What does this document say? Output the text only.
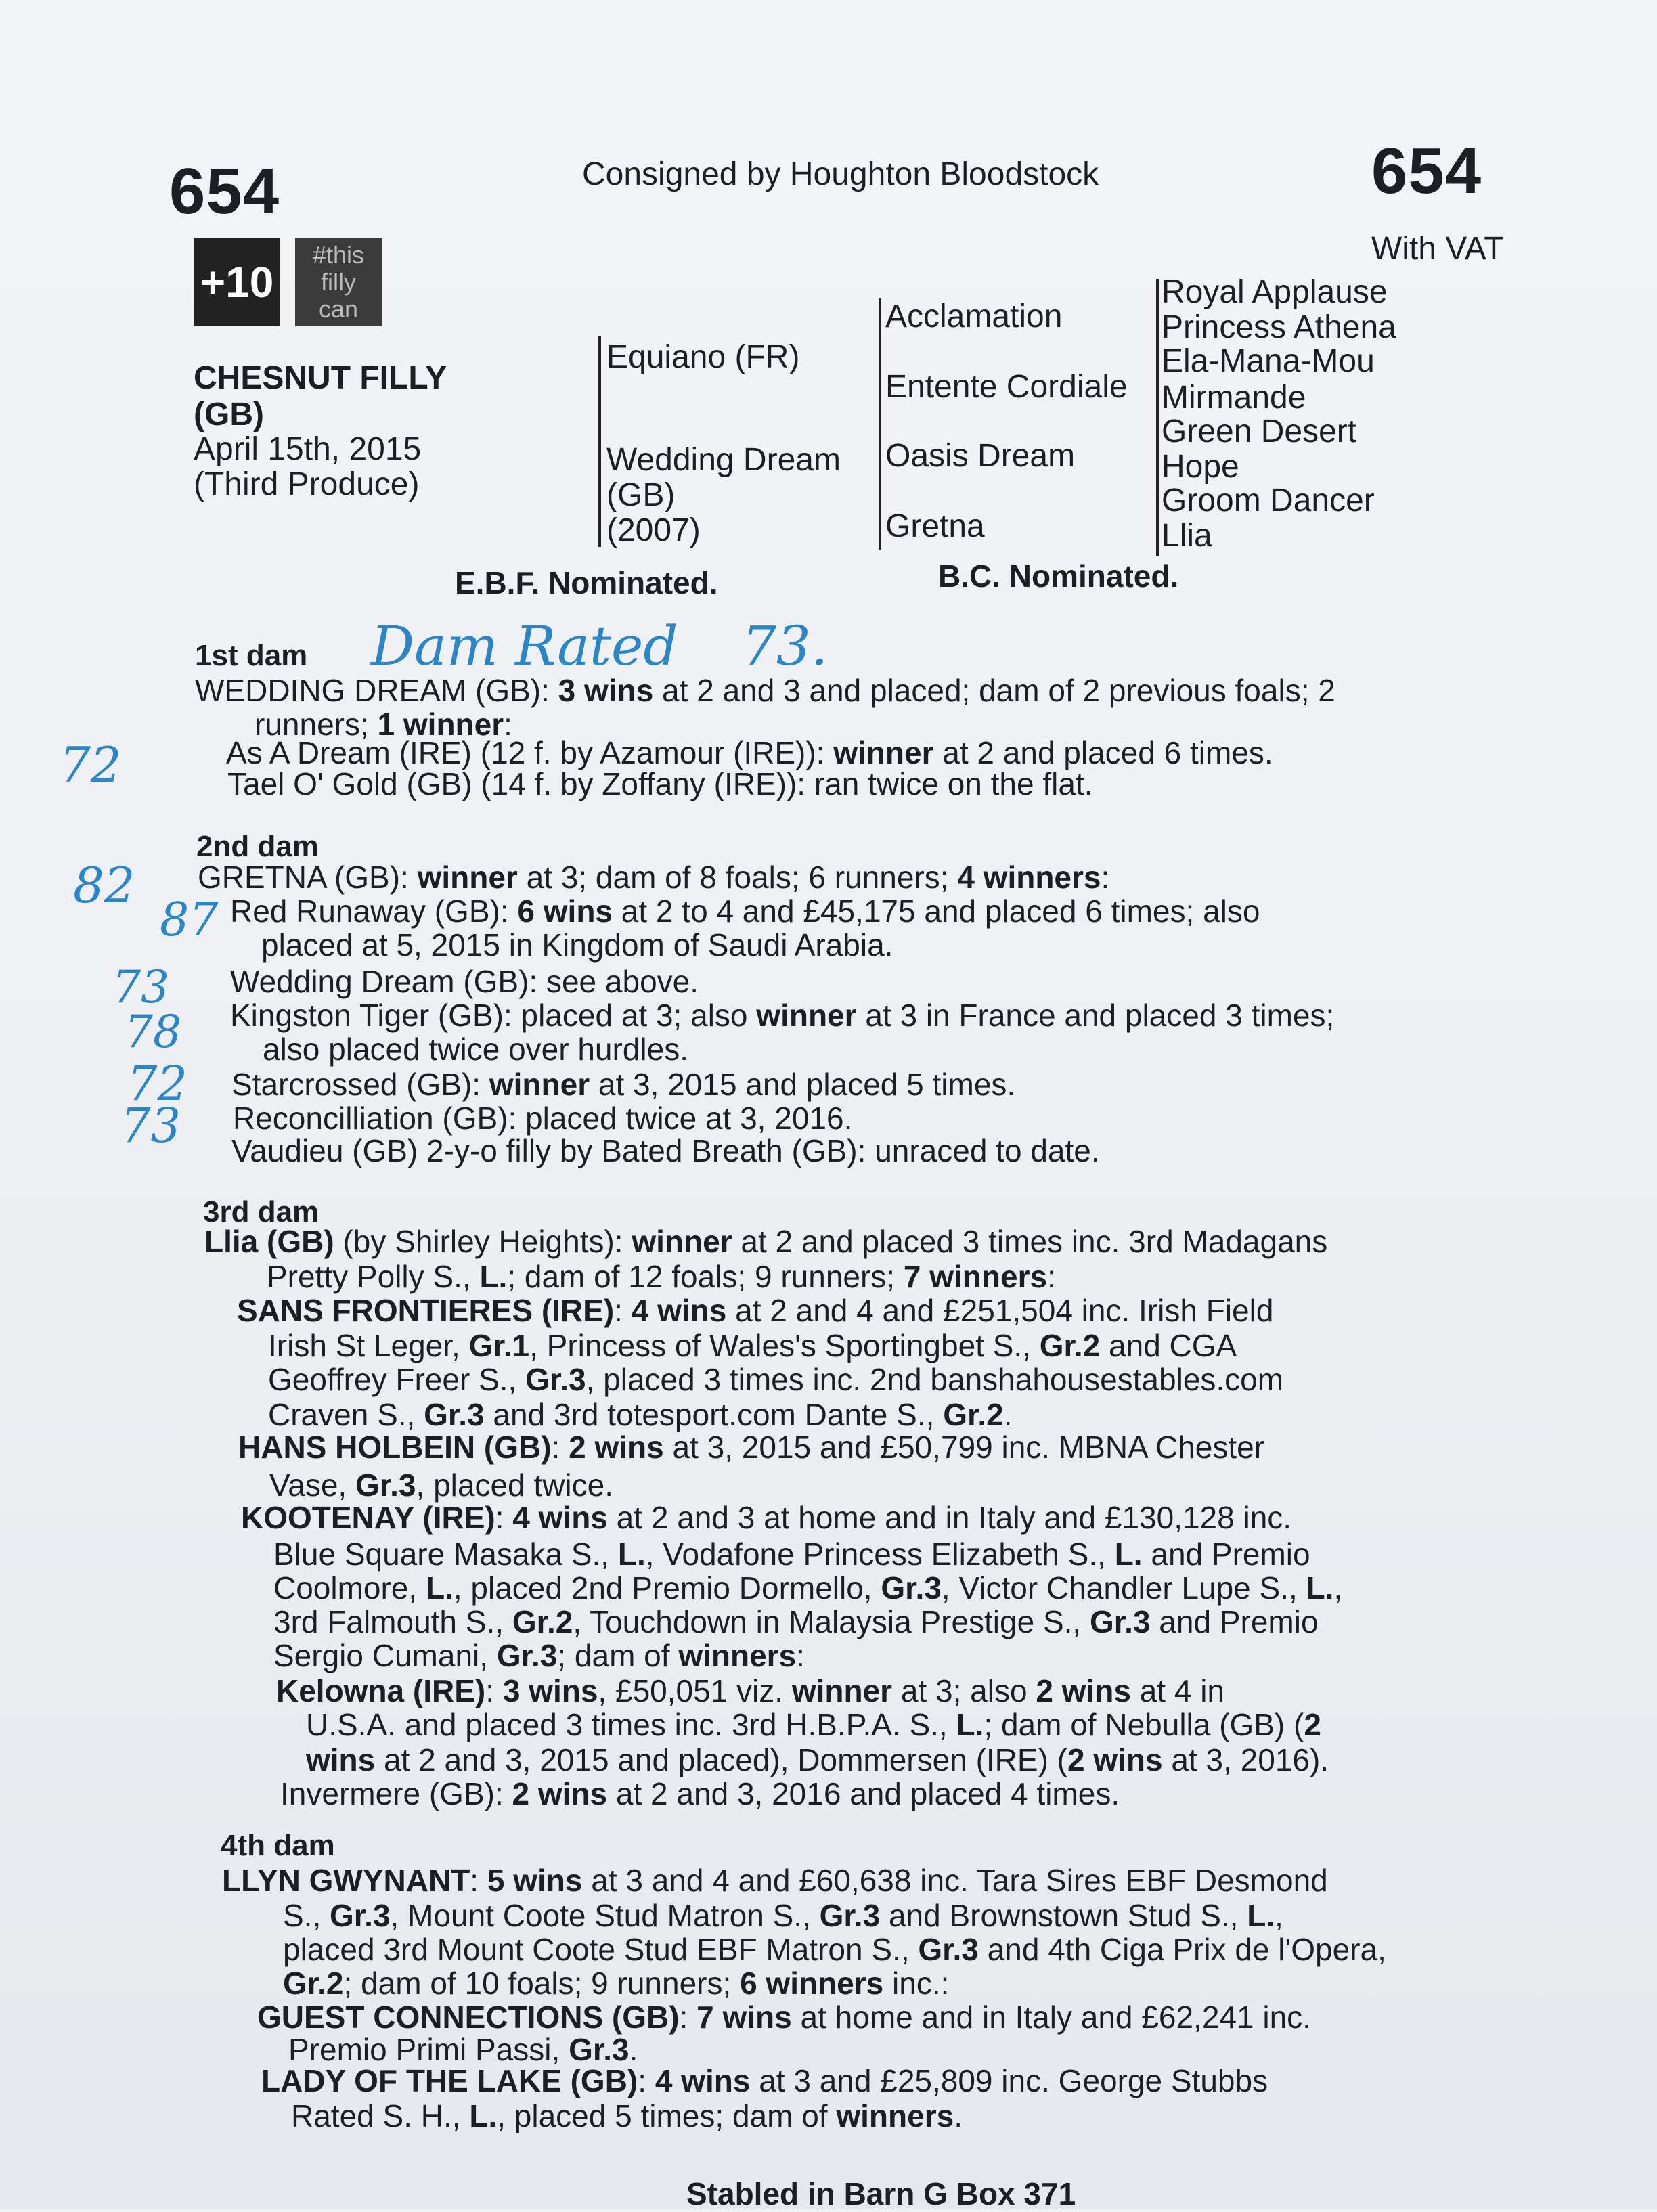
654	Consigned by Houghton Bloodstock	654
With VAT
+10
#this
filly
can
CHESNUT FILLY
(GB)
April 15th, 2015
(Third Produce)
Equiano (FR)
Wedding Dream
(GB)
(2007)
Acclamation
Entente Cordiale
Oasis Dream
Gretna
Royal Applause
Princess Athena
Ela-Mana-Mou
Mirmande
Green Desert
Hope
Groom Dancer
Llia
E.B.F. Nominated.	B.C. Nominated.
1st dam
WEDDING DREAM (GB): 3 wins at 2 and 3 and placed; dam of 2 previous foals; 2
runners; 1 winner:
As A Dream (IRE) (12 f. by Azamour (IRE)): winner at 2 and placed 6 times.
Tael O' Gold (GB) (14 f. by Zoffany (IRE)): ran twice on the flat.
2nd dam
GRETNA (GB): winner at 3; dam of 8 foals; 6 runners; 4 winners:
Red Runaway (GB): 6 wins at 2 to 4 and £45,175 and placed 6 times; also
placed at 5, 2015 in Kingdom of Saudi Arabia.
Wedding Dream (GB): see above.
Kingston Tiger (GB): placed at 3; also winner at 3 in France and placed 3 times;
also placed twice over hurdles.
Starcrossed (GB): winner at 3, 2015 and placed 5 times.
Reconcilliation (GB): placed twice at 3, 2016.
Vaudieu (GB) 2-y-o filly by Bated Breath (GB): unraced to date.
3rd dam
Llia (GB) (by Shirley Heights): winner at 2 and placed 3 times inc. 3rd Madagans
Pretty Polly S., L.; dam of 12 foals; 9 runners; 7 winners:
SANS FRONTIERES (IRE): 4 wins at 2 and 4 and £251,504 inc. Irish Field
Irish St Leger, Gr.1, Princess of Wales's Sportingbet S., Gr.2 and CGA
Geoffrey Freer S., Gr.3, placed 3 times inc. 2nd banshahousestables.com
Craven S., Gr.3 and 3rd totesport.com Dante S., Gr.2.
HANS HOLBEIN (GB): 2 wins at 3, 2015 and £50,799 inc. MBNA Chester
Vase, Gr.3, placed twice.
KOOTENAY (IRE): 4 wins at 2 and 3 at home and in Italy and £130,128 inc.
Blue Square Masaka S., L., Vodafone Princess Elizabeth S., L. and Premio
Coolmore, L., placed 2nd Premio Dormello, Gr.3, Victor Chandler Lupe S., L.,
3rd Falmouth S., Gr.2, Touchdown in Malaysia Prestige S., Gr.3 and Premio
Sergio Cumani, Gr.3; dam of winners:
Kelowna (IRE): 3 wins, £50,051 viz. winner at 3; also 2 wins at 4 in
U.S.A. and placed 3 times inc. 3rd H.B.P.A. S., L.; dam of Nebulla (GB) (2
wins at 2 and 3, 2015 and placed), Dommersen (IRE) (2 wins at 3, 2016).
Invermere (GB): 2 wins at 2 and 3, 2016 and placed 4 times.
4th dam
LLYN GWYNANT: 5 wins at 3 and 4 and £60,638 inc. Tara Sires EBF Desmond
S., Gr.3, Mount Coote Stud Matron S., Gr.3 and Brownstown Stud S., L.,
placed 3rd Mount Coote Stud EBF Matron S., Gr.3 and 4th Ciga Prix de l'Opera,
Gr.2; dam of 10 foals; 9 runners; 6 winners inc.:
GUEST CONNECTIONS (GB): 7 wins at home and in Italy and £62,241 inc.
Premio Primi Passi, Gr.3.
LADY OF THE LAKE (GB): 4 wins at 3 and £25,809 inc. George Stubbs
Rated S. H., L., placed 5 times; dam of winners.
Stabled in Barn G Box 371
Dam Rated 73.
72
82
87
73
78
72
73
